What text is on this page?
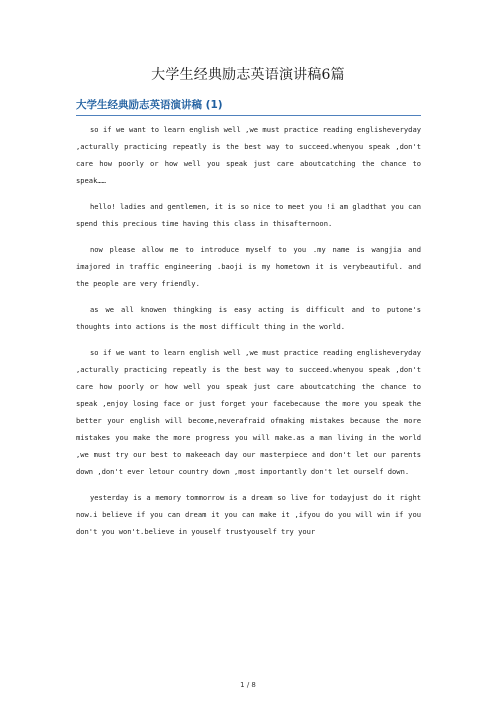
大学生经典励志英语演讲稿6篇
大学生经典励志英语演讲稿 (1)

so if we want to learn english well ,we must practice reading englisheveryday ,acturally practicing repeatly is the best way to succeed.whenyou speak ,don't care how poorly or how well you speak just care aboutcatching the chance to speak……

hello! ladies and gentlemen, it is so nice to meet you !i am gladthat you can spend this precious time having this class in thisafternoon.

now please allow me to introduce myself to you .my name is wangjia and imajored in traffic engineering .baoji is my hometown it is verybeautiful. and the people are very friendly.

as we all knowen thingking is easy acting is difficult and to putone's thoughts into actions is the most difficult thing in the world.

so if we want to learn english well ,we must practice reading englisheveryday ,acturally practicing repeatly is the best way to succeed.whenyou speak ,don't care how poorly or how well you speak just care aboutcatching the chance to speak ,enjoy losing face or just forget your facebecause the more you speak the better your english will become,neverafraid ofmaking mistakes because the more mistakes you make the more progress you will make.as a man living in the world ,we must try our best to makeeach day our masterpiece and don't let our parents down ,don't ever letour country down ,most importantly don't let ourself down.

yesterday is a memory tommorrow is a dream so live for todayjust do it right now.i believe if you can dream it you can make it ,ifyou do you will win if you don't you won't.believe in youself trustyouself try your

1 / 8
